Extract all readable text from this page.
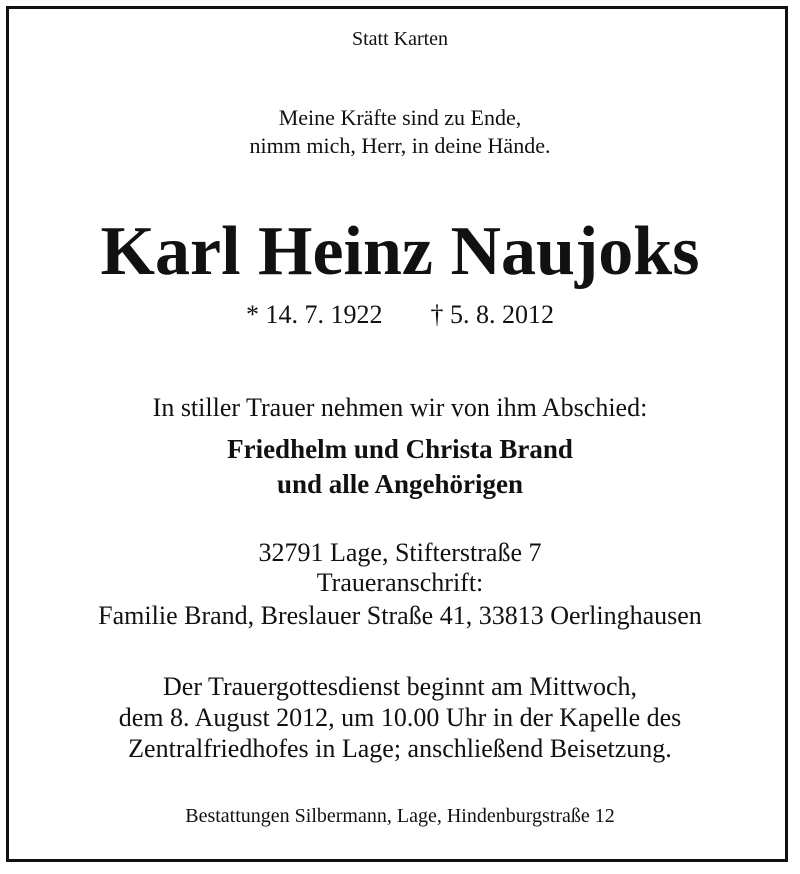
Statt Karten
Meine Kräfte sind zu Ende,
nimm mich, Herr, in deine Hände.
Karl Heinz Naujoks
* 14. 7. 1922 † 5. 8. 2012
In stiller Trauer nehmen wir von ihm Abschied:
Friedhelm und Christa Brand
und alle Angehörigen
32791 Lage, Stifterstraße 7
Traueranschrift:
Familie Brand, Breslauer Straße 41, 33813 Oerlinghausen
Der Trauergottesdienst beginnt am Mittwoch,
dem 8. August 2012, um 10.00 Uhr in der Kapelle des
Zentralfriedhofes in Lage; anschließend Beisetzung.
Bestattungen Silbermann, Lage, Hindenburgstraße 12
